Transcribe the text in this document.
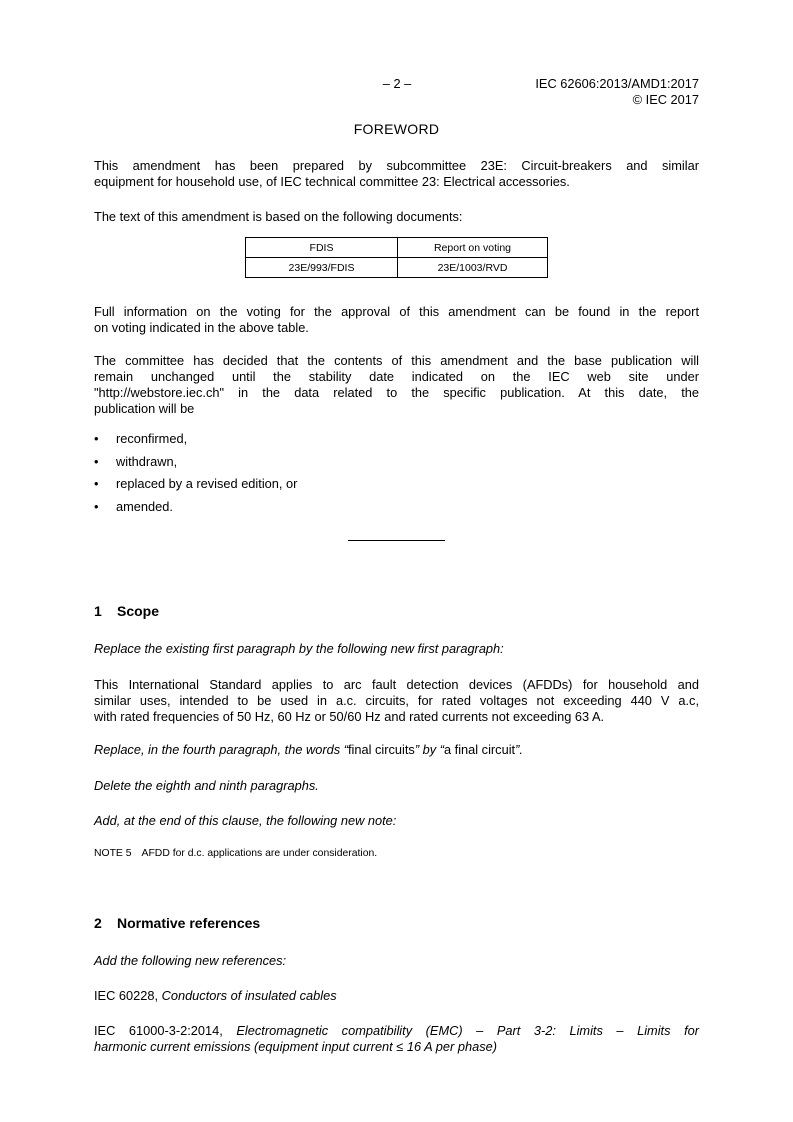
– 2 –	IEC 62606:2013/AMD1:2017
© IEC 2017
FOREWORD
This amendment has been prepared by subcommittee 23E: Circuit-breakers and similar
equipment for household use, of IEC technical committee 23: Electrical accessories.
The text of this amendment is based on the following documents:
FDIS	Report on voting
23E/993/FDIS	23E/1003/RVD
Full information on the voting for the approval of this amendment can be found in the report
on voting indicated in the above table.
The committee has decided that the contents of this amendment and the base publication will
remain unchanged until the stability date indicated on the IEC web site under
"http://webstore.iec.ch" in the data related to the specific publication. At this date, the
publication will be
• reconfirmed,
• withdrawn,
• replaced by a revised edition, or
• amended.
1 Scope
Replace the existing first paragraph by the following new first paragraph:
This International Standard applies to arc fault detection devices (AFDDs) for household and
similar uses, intended to be used in a.c. circuits, for rated voltages not exceeding 440 V a.c,
with rated frequencies of 50 Hz, 60 Hz or 50/60 Hz and rated currents not exceeding 63 A.
Replace, in the fourth paragraph, the words “final circuits” by “a final circuit”.
Delete the eighth and ninth paragraphs.
Add, at the end of this clause, the following new note:
NOTE 5 AFDD for d.c. applications are under consideration.
2 Normative references
Add the following new references:
IEC 60228, Conductors of insulated cables
IEC 61000-3-2:2014, Electromagnetic compatibility (EMC) – Part 3-2: Limits – Limits for
harmonic current emissions (equipment input current ≤ 16 A per phase)
